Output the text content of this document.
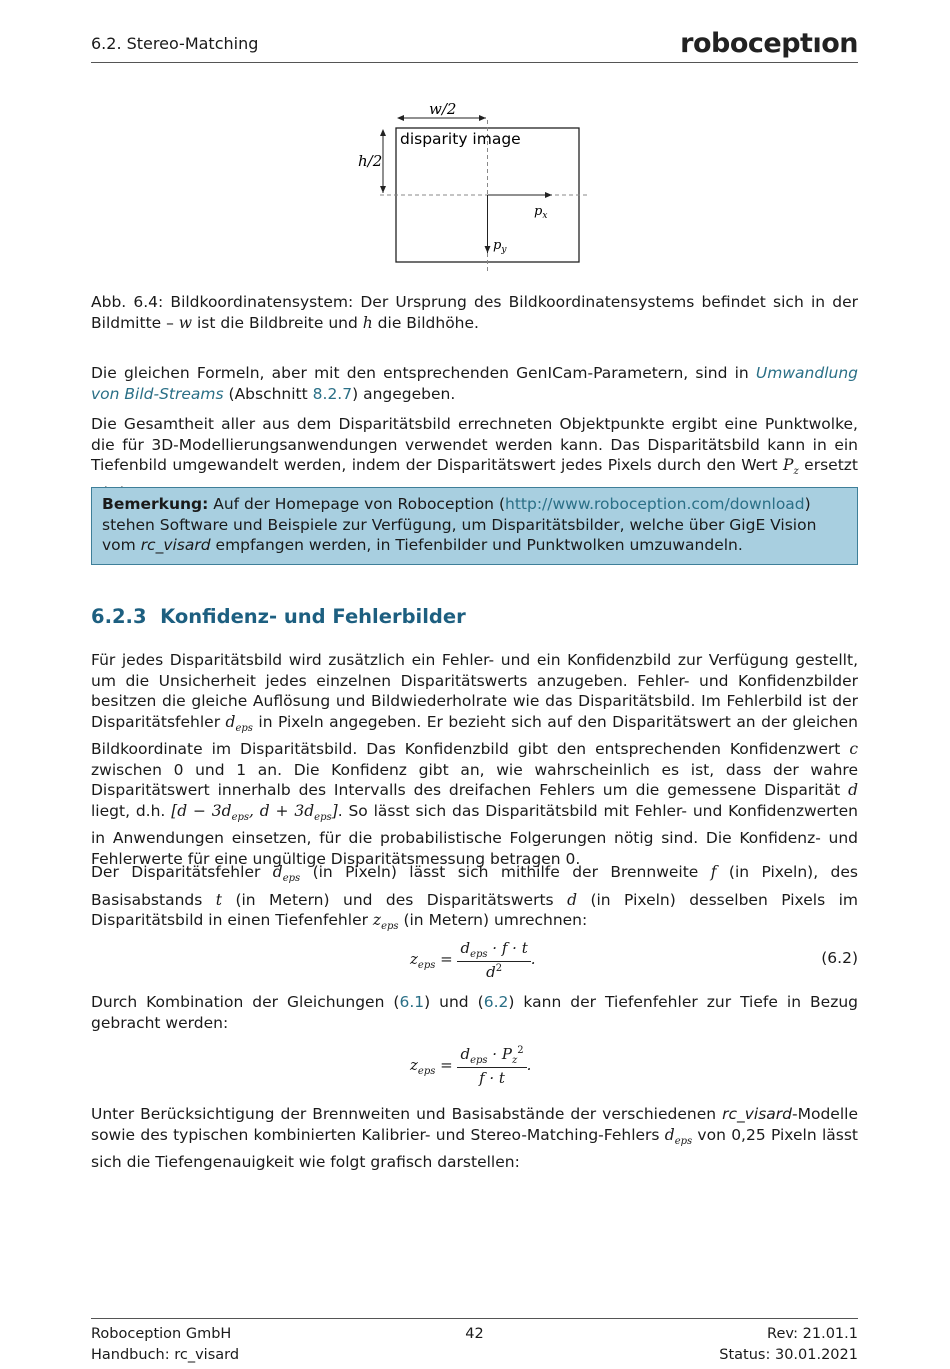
6.2. Stereo-Matching	roboceptıon
w/2
h/2
disparity image
$p_x$
$p_y$
Abb. 6.4: Bildkoordinatensystem: Der Ursprung des Bildkoordinatensystems befindet sich in der Bildmitte – w ist die Bildbreite und h die Bildhöhe.

Die gleichen Formeln, aber mit den entsprechenden GenICam-Parametern, sind in Umwandlung von Bild-Streams (Abschnitt 8.2.7) angegeben.

Die Gesamtheit aller aus dem Disparitätsbild errechneten Objektpunkte ergibt eine Punktwolke, die für 3D-Modellierungsanwendungen verwendet werden kann. Das Disparitätsbild kann in ein Tiefenbild umgewandelt werden, indem der Disparitätswert jedes Pixels durch den Wert $P_z$ ersetzt

Bemerkung: Auf der Homepage von Roboception (http://www.roboception.com/download) stehen Software und Beispiele zur Verfügung, um Disparitätsbilder, welche über GigE Vision vom rc_visard empfangen werden, in Tiefenbilder und Punktwolken umzuwandeln.
6.2.3 Konfidenz- und Fehlerbilder

Für jedes Disparitätsbild wird zusätzlich ein Fehler- und ein Konfidenzbild zur Verfügung gestellt, um die Unsicherheit jedes einzelnen Disparitätswerts anzugeben. Fehler- und Konfidenzbilder besitzen die gleiche Auflösung und Bildwiederholrate wie das Disparitätsbild. Im Fehlerbild ist der Disparitätsfehler $d_{eps}$ in Pixeln angegeben. Er bezieht sich auf den Disparitätswert an der gleichen Bildkoordinate im Disparitätsbild. Das Konfidenzbild gibt den entsprechenden Konfidenzwert c zwischen 0 und 1 an. Die Konfidenz gibt an, wie wahrscheinlich es ist, dass der wahre Disparitätswert innerhalb des Intervalls des dreifachen Fehlers um die gemessene Disparität d liegt, d.h. [$d - 3d_{eps}$, $d + 3d_{eps}$]. So lässt sich das Disparitätsbild mit Fehler- und Konfidenzwerten in Anwendungen einsetzen, für die probabilistische Folgerungen nötig sind. Die Konfidenz- und Fehlerwerte für eine ungültige Disparitätsmessung betragen 0.

Der Disparitätsfehler $d_{eps}$ (in Pixeln) lässt sich mithilfe der Brennweite f (in Pixeln), des Basisabstands t (in Metern) und des Disparitätswerts d (in Pixeln) desselben Pixels im Disparitätsbild in einen Tiefenfehler $z_{eps}$ (in Metern) umrechnen:

$z_{eps} = \frac{d_{eps} \cdot f \cdot t}{d^2}$ .	(6.2)

Durch Kombination der Gleichungen (6.1) und (6.2) kann der Tiefenfehler zur Tiefe in Bezug gebracht werden:

$z_{eps} = \frac{d_{eps} \cdot P_z^2}{f \cdot t}$ .

Unter Berücksichtigung der Brennweiten und Basisabstände der verschiedenen rc_visard-Modelle sowie des typischen kombinierten Kalibrier- und Stereo-Matching-Fehlers $d_{eps}$ von 0,25 Pixeln lässt sich die Tiefengenauigkeit wie folgt grafisch darstellen:

Roboception GmbH
Handbuch: rc_visard
42	Rev: 21.01.1
Status: 30.01.2021
